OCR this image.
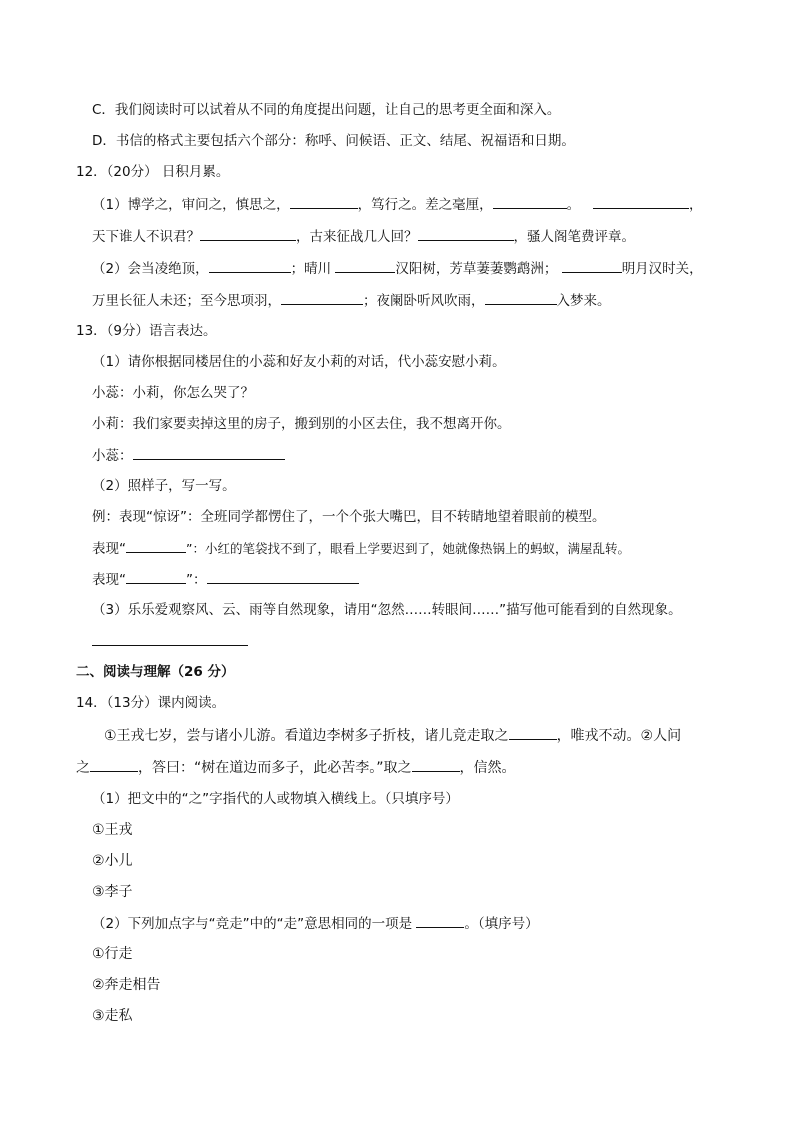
C．我们阅读时可以试着从不同的角度提出问题，让自己的思考更全面和深入。
D．书信的格式主要包括六个部分：称呼、问候语、正文、结尾、祝福语和日期。
12．（20分） 日积月累。
（1）博学之，审问之，慎思之，	，笃行之。差之毫厘，	。	，
天下谁人不识君？	，古来征战几人回？	，骚人阁笔费评章。
（2）会当凌绝顶，	；晴川	汉阳树，芳草萋萋鹦鹉洲；	明月汉时关，
万里长征人未还；至今思项羽，	；夜阑卧听风吹雨，	入梦来。
13．（9分）语言表达。
（1）请你根据同楼居住的小蕊和好友小莉的对话，代小蕊安慰小莉。
小蕊：小莉，你怎么哭了？
小莉：我们家要卖掉这里的房子，搬到别的小区去住，我不想离开你。
小蕊：
（2）照样子，写一写。
例：表现“惊讶”：全班同学都愣住了，一个个张大嘴巴，目不转睛地望着眼前的模型。
表现“	”：小红的笔袋找不到了，眼看上学要迟到了，她就像热锅上的蚂蚁，满屋乱转。
表现“	”：
（3）乐乐爱观察风、云、雨等自然现象，请用“忽然……转眼间……”描写他可能看到的自然现象。
二、阅读与理解（26 分）
14．（13分）课内阅读。
①王戎七岁，尝与诸小儿游。看道边李树多子折枝，诸儿竞走取之	，唯戎不动。②人问
之	，答曰：“树在道边而多子，此必苦李。”取之	，信然。
（1）把文中的“之”字指代的人或物填入横线上。（只填序号）
①王戎
②小儿
③李子
（2）下列加点字与“竞走”中的“走”意思相同的一项是	。（填序号）
①行走
②奔走相告
③走私
